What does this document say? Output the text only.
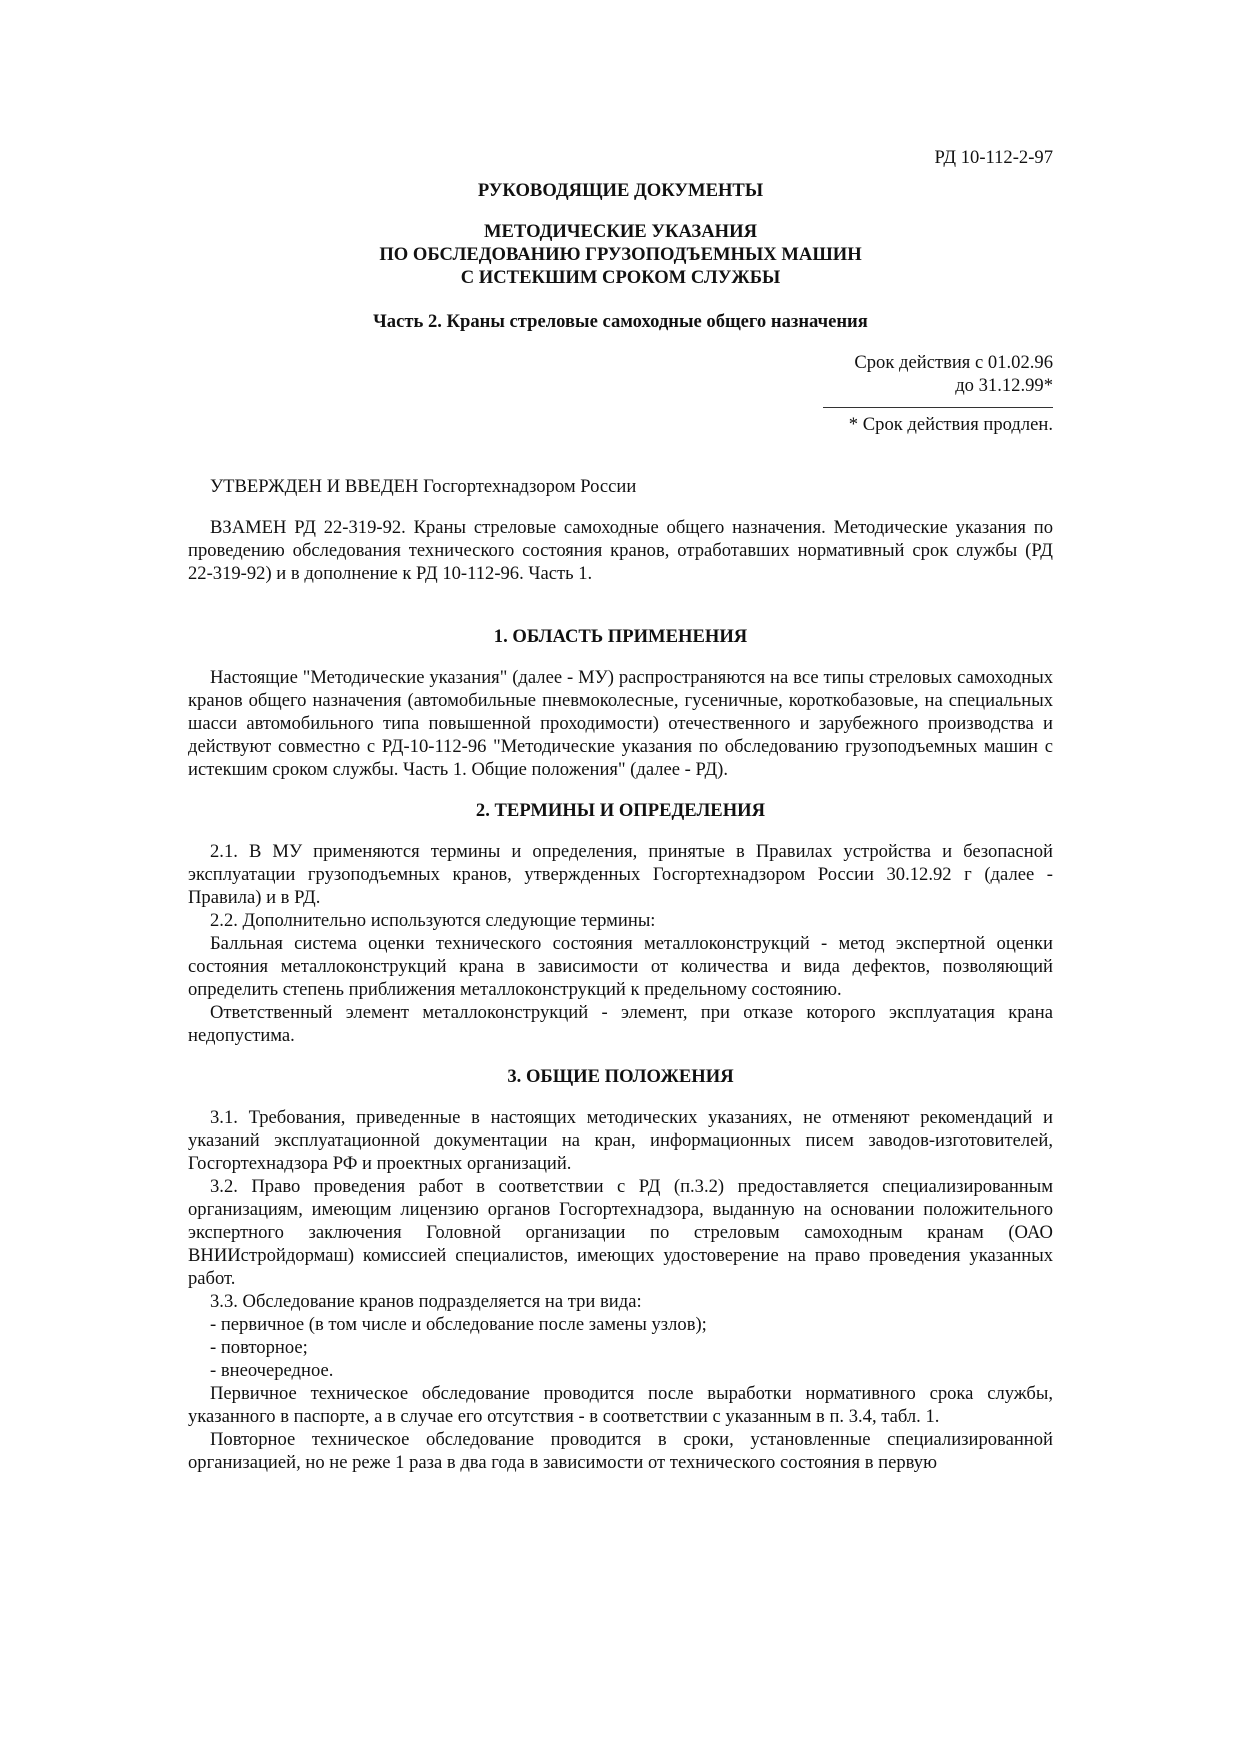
РД 10-112-2-97

РУКОВОДЯЩИЕ ДОКУМЕНТЫ

МЕТОДИЧЕСКИЕ УКАЗАНИЯ
ПО ОБСЛЕДОВАНИЮ ГРУЗОПОДЪЕМНЫХ МАШИН
С ИСТЕКШИМ СРОКОМ СЛУЖБЫ

Часть 2. Краны стреловые самоходные общего назначения

Срок действия с 01.02.96
до 31.12.99*
* Срок действия продлен.

УТВЕРЖДЕН И ВВЕДЕН Госгортехнадзором России

ВЗАМЕН РД 22-319-92. Краны стреловые самоходные общего назначения. Методические указания по проведению обследования технического состояния кранов, отработавших нормативный срок службы (РД 22-319-92) и в дополнение к РД 10-112-96. Часть 1.

1. ОБЛАСТЬ ПРИМЕНЕНИЯ

Настоящие "Методические указания" (далее - МУ) распространяются на все типы стреловых самоходных кранов общего назначения (автомобильные пневмоколесные, гусеничные, короткобазовые, на специальных шасси автомобильного типа повышенной проходимости) отечественного и зарубежного производства и действуют совместно с РД-10-112-96 "Методические указания по обследованию грузоподъемных машин с истекшим сроком службы. Часть 1. Общие положения" (далее - РД).

2. ТЕРМИНЫ И ОПРЕДЕЛЕНИЯ

2.1. В МУ применяются термины и определения, принятые в Правилах устройства и безопасной эксплуатации грузоподъемных кранов, утвержденных Госгортехнадзором России 30.12.92 г (далее - Правила) и в РД.

2.2. Дополнительно используются следующие термины:

Балльная система оценки технического состояния металлоконструкций - метод экспертной оценки состояния металлоконструкций крана в зависимости от количества и вида дефектов, позволяющий определить степень приближения металлоконструкций к предельному состоянию.

Ответственный элемент металлоконструкций - элемент, при отказе которого эксплуатация крана недопустима.

3. ОБЩИЕ ПОЛОЖЕНИЯ

3.1. Требования, приведенные в настоящих методических указаниях, не отменяют рекомендаций и указаний эксплуатационной документации на кран, информационных писем заводов-изготовителей, Госгортехнадзора РФ и проектных организаций.

3.2. Право проведения работ в соответствии с РД (п.3.2) предоставляется специализированным организациям, имеющим лицензию органов Госгортехнадзора, выданную на основании положительного экспертного заключения Головной организации по стреловым самоходным кранам (ОАО ВНИИстройдормаш) комиссией специалистов, имеющих удостоверение на право проведения указанных работ.

3.3. Обследование кранов подразделяется на три вида:

- первичное (в том числе и обследование после замены узлов);

- повторное;

- внеочередное.

Первичное техническое обследование проводится после выработки нормативного срока службы, указанного в паспорте, а в случае его отсутствия - в соответствии с указанным в п. 3.4, табл. 1.

Повторное техническое обследование проводится в сроки, установленные специализированной организацией, но не реже 1 раза в два года в зависимости от технического состояния в первую
